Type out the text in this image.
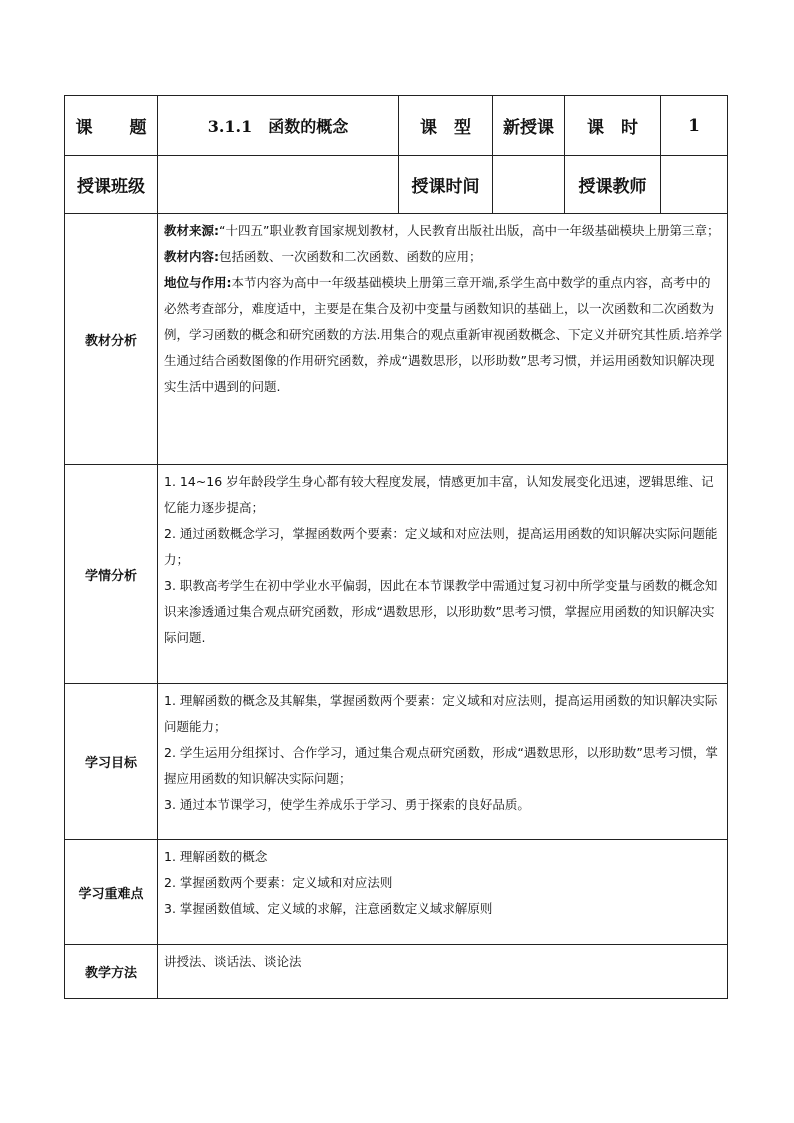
课　题	3.1.1　函数的概念	课　型	新授课	课　时	1
授课班级		授课时间		授课教师	
教材分析	教材来源:“十四五”职业教育国家规划教材，人民教育出版社出版，高中一年级基础模块上册第三章；

教材内容:包括函数、一次函数和二次函数、函数的应用；

地位与作用:本节内容为高中一年级基础模块上册第三章开端,系学生高中数学的重点内容，高考中的必然考查部分，难度适中，主要是在集合及初中变量与函数知识的基础上，以一次函数和二次函数为例，学习函数的概念和研究函数的方法.用集合的观点重新审视函数概念、下定义并研究其性质.培养学生通过结合函数图像的作用研究函数，养成“遇数思形，以形助数”思考习惯，并运用函数知识解决现实生活中遇到的问题.				

学情分析	1. 14~16 岁年龄段学生身心都有较大程度发展，情感更加丰富，认知发展变化迅速，逻辑思维、记忆能力逐步提高；

2. 通过函数概念学习，掌握函数两个要素：定义域和对应法则，提高运用函数的知识解决实际问题能力；

3. 职教高考学生在初中学业水平偏弱，因此在本节课教学中需通过复习初中所学变量与函数的概念知识来渗透通过集合观点研究函数，形成“遇数思形，以形助数”思考习惯，掌握应用函数的知识解决实际问题.				

学习目标	1. 理解函数的概念及其解集，掌握函数两个要素：定义域和对应法则，提高运用函数的知识解决实际问题能力；

2. 学生运用分组探讨、合作学习，通过集合观点研究函数，形成“遇数思形，以形助数”思考习惯，掌握应用函数的知识解决实际问题；

3. 通过本节课学习，使学生养成乐于学习、勇于探索的良好品质。				

学习重难点	1. 理解函数的概念

2. 掌握函数两个要素：定义域和对应法则

3. 掌握函数值域、定义域的求解，注意函数定义域求解原则				

教学方法	讲授法、谈话法、谈论法				
